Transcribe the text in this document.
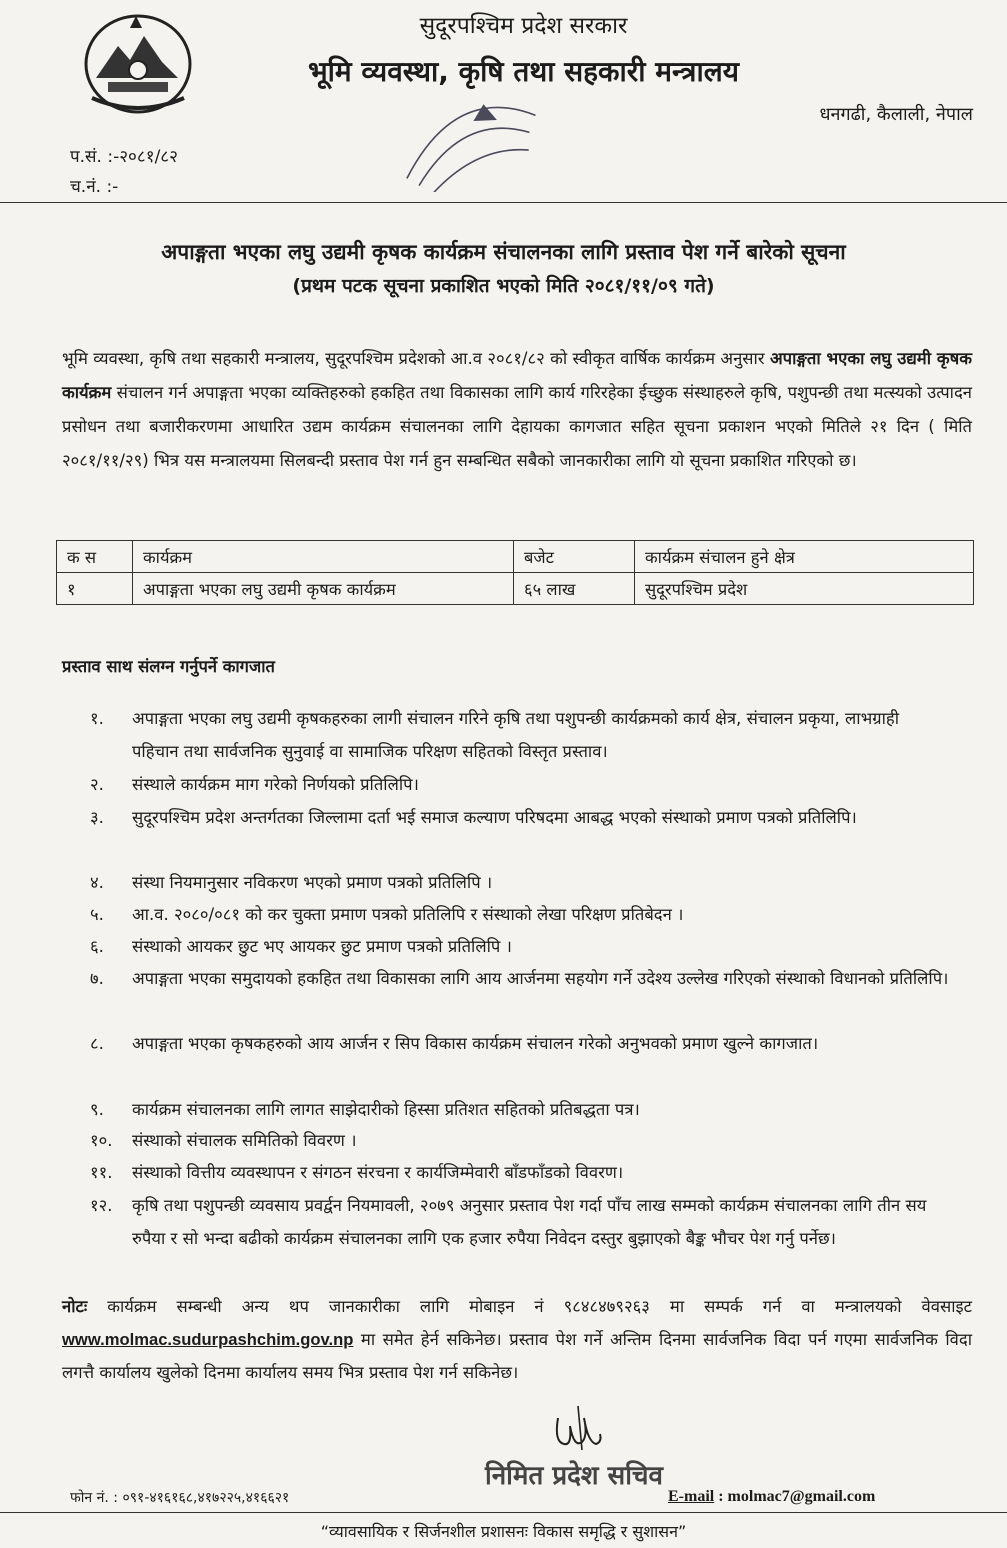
सुदूरपश्चिम प्रदेश सरकार
भूमि व्यवस्था, कृषि तथा सहकारी मन्त्रालय
धनगढी, कैलाली, नेपाल
प.सं. :-२०८१/८२
च.नं. :-
अपाङ्गता भएका लघु उद्यमी कृषक कार्यक्रम संचालनका लागि प्रस्ताव पेश गर्ने बारेको सूचना
(प्रथम पटक सूचना प्रकाशित भएको मिति २०८१/११/०९ गते)
भूमि व्यवस्था, कृषि तथा सहकारी मन्त्रालय, सुदूरपश्चिम प्रदेशको आ.व २०८१/८२ को स्वीकृत वार्षिक कार्यक्रम अनुसार अपाङ्गता भएका लघु उद्यमी कृषक कार्यक्रम संचालन गर्न अपाङ्गता भएका व्यक्तिहरुको हकहित तथा विकासका लागि कार्य गरिरहेका ईच्छुक संस्थाहरुले कृषि, पशुपन्छी तथा मत्स्यको उत्पादन प्रसोधन तथा बजारीकरणमा आधारित उद्यम कार्यक्रम संचालनका लागि देहायका कागजात सहित सूचना प्रकाशन भएको मितिले २१ दिन ( मिति २०८१/११/२९) भित्र यस मन्त्रालयमा सिलबन्दी प्रस्ताव पेश गर्न हुन सम्बन्धित सबैको जानकारीका लागि यो सूचना प्रकाशित गरिएको छ।
क स	कार्यक्रम	बजेट	कार्यक्रम संचालन हुने क्षेत्र
१	अपाङ्गता भएका लघु उद्यमी कृषक कार्यक्रम	६५ लाख	सुदूरपश्चिम प्रदेश
प्रस्ताव साथ संलग्न गर्नुपर्ने कागजात
१.	अपाङ्गता भएका लघु उद्यमी कृषकहरुका लागी संचालन गरिने कृषि तथा पशुपन्छी कार्यक्रमको कार्य क्षेत्र, संचालन प्रकृया, लाभग्राही पहिचान तथा सार्वजनिक सुनुवाई वा सामाजिक परिक्षण सहितको विस्तृत प्रस्ताव।
२.	संस्थाले कार्यक्रम माग गरेको निर्णयको प्रतिलिपि।
३.	सुदूरपश्चिम प्रदेश अन्तर्गतका जिल्लामा दर्ता भई समाज कल्याण परिषदमा आबद्ध भएको संस्थाको प्रमाण पत्रको प्रतिलिपि।
४.	संस्था नियमानुसार नविकरण भएको प्रमाण पत्रको प्रतिलिपि ।
५.	आ.व. २०८०/०८१ को कर चुक्ता प्रमाण पत्रको प्रतिलिपि र संस्थाको लेखा परिक्षण प्रतिबेदन ।
६.	संस्थाको आयकर छुट भए आयकर छुट प्रमाण पत्रको प्रतिलिपि ।
७.	अपाङ्गता भएका समुदायको हकहित तथा विकासका लागि आय आर्जनमा सहयोग गर्ने उदेश्य उल्लेख गरिएको संस्थाको विधानको प्रतिलिपि।
८.	अपाङ्गता भएका कृषकहरुको आय आर्जन र सिप विकास कार्यक्रम संचालन गरेको अनुभवको प्रमाण खुल्ने कागजात।
९.	कार्यक्रम संचालनका लागि लागत साझेदारीको हिस्सा प्रतिशत सहितको प्रतिबद्धता पत्र।
१०.	संस्थाको संचालक समितिको विवरण ।
११.	संस्थाको वित्तीय व्यवस्थापन र संगठन संरचना र कार्यजिम्मेवारी बाँडफाँडको विवरण।
१२.	कृषि तथा पशुपन्छी व्यवसाय प्रवर्द्वन नियमावली, २०७९ अनुसार प्रस्ताव पेश गर्दा पाँच लाख सम्मको कार्यक्रम संचालनका लागि तीन सय रुपैया र सो भन्दा बढीको कार्यक्रम संचालनका लागि एक हजार रुपैया निवेदन दस्तुर बुझाएको बैङ्क भौचर पेश गर्नु पर्नेछ।
नोटः कार्यक्रम सम्बन्धी अन्य थप जानकारीका लागि मोबाइन नं ९८४८४७९२६३ मा सम्पर्क गर्न वा मन्त्रालयको वेवसाइट www.molmac.sudurpashchim.gov.np मा समेत हेर्न सकिनेछ। प्रस्ताव पेश गर्ने अन्तिम दिनमा सार्वजनिक विदा पर्न गएमा सार्वजनिक विदा लगत्तै कार्यालय खुलेको दिनमा कार्यालय समय भित्र प्रस्ताव पेश गर्न सकिनेछ।
निमित प्रदेश सचिव
फोन नं. : ०९१-४१६१६८,४१७२२५,४१६६२१	E-mail : molmac7@gmail.com
“व्यावसायिक र सिर्जनशील प्रशासनः विकास समृद्धि र सुशासन”
